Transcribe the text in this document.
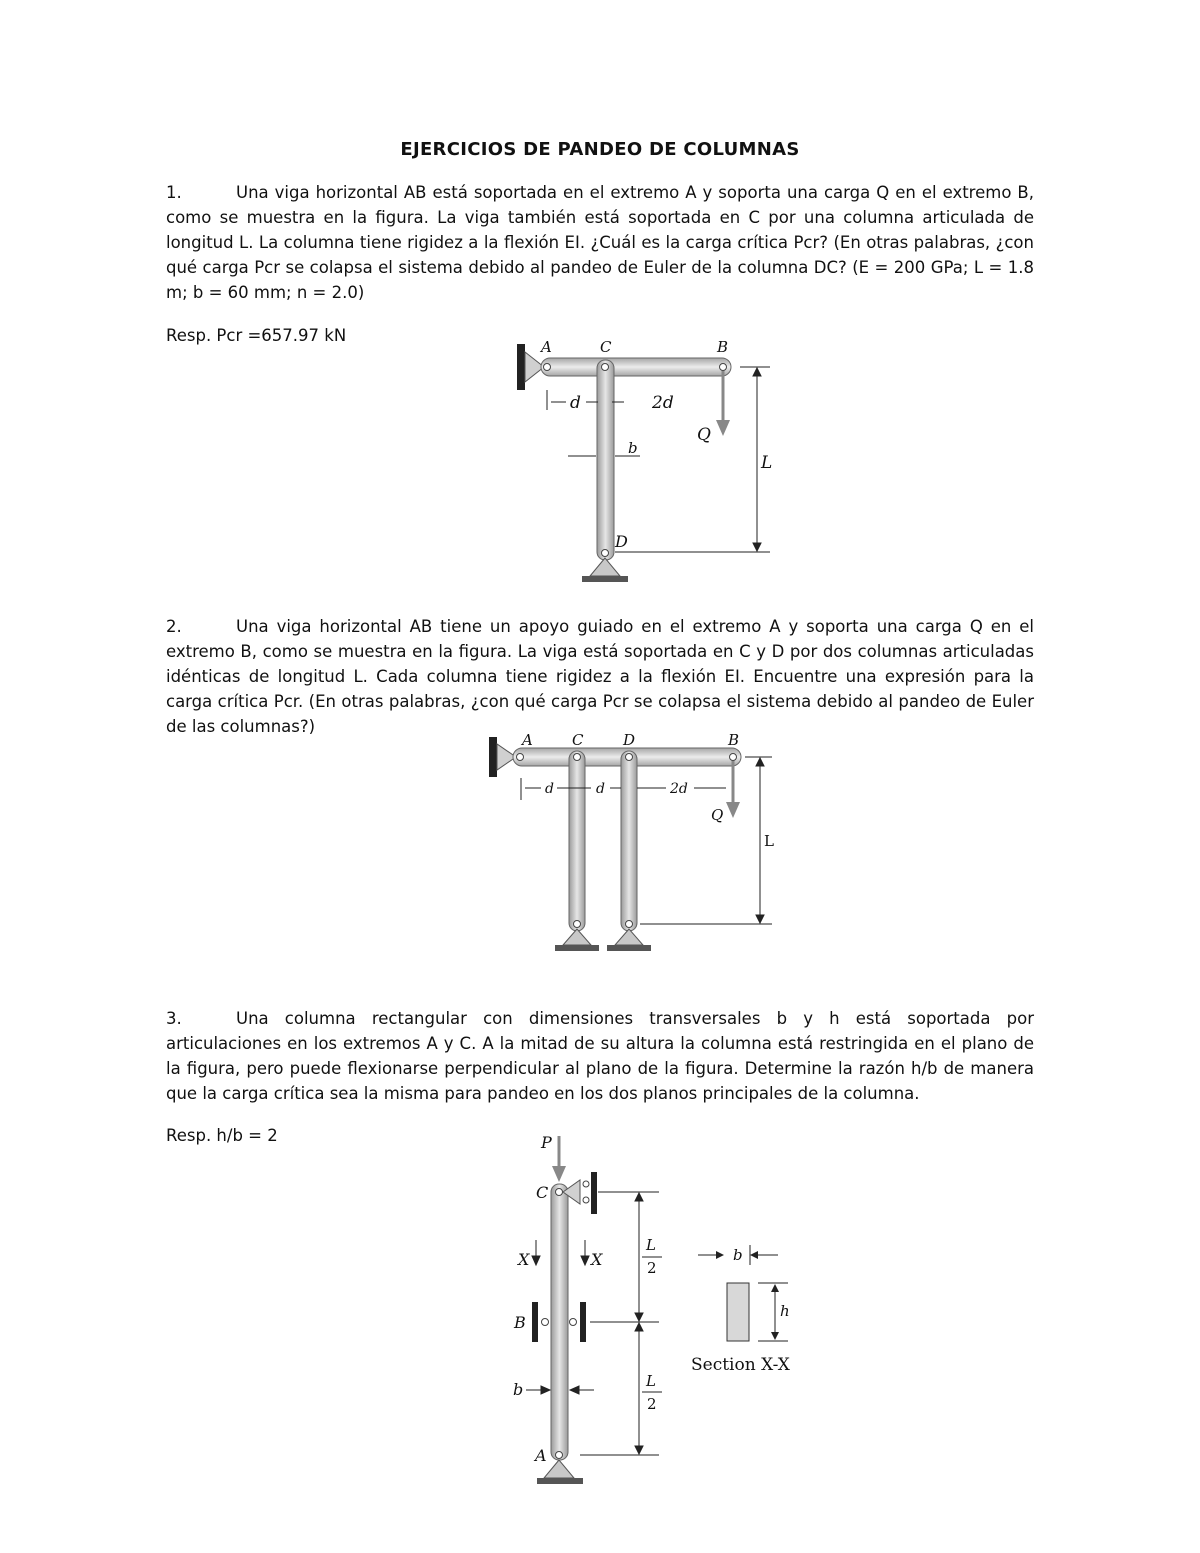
EJERCICIOS DE PANDEO DE COLUMNAS
1.	Una viga horizontal AB está soportada en el extremo A y soporta una carga Q en el extremo B, como se muestra en la figura. La viga también está soportada en C por una columna articulada de longitud L. La columna tiene rigidez a la flexión EI. ¿Cuál es la carga crítica Pcr? (En otras palabras, ¿con qué carga Pcr se colapsa el sistema debido al pandeo de Euler de la columna DC? (E = 200 GPa; L = 1.8 m; b = 60 mm; n = 2.0)
Resp. Pcr =657.97 kN
A	C	B
D
d	2d
Q
b
L
2.	Una viga horizontal AB tiene un apoyo guiado en el extremo A y soporta una carga Q en el extremo B, como se muestra en la figura. La viga está soportada en C y D por dos columnas articuladas idénticas de longitud L. Cada columna tiene rigidez a la flexión EI. Encuentre una expresión para la carga crítica Pcr. (En otras palabras, ¿con qué carga Pcr se colapsa el sistema debido al pandeo de Euler de las columnas?)
A	C	D	B
d	d	2d
Q
L
3.	Una columna rectangular con dimensiones transversales b y h está soportada por articulaciones en los extremos A y C. A la mitad de su altura la columna está restringida en el plano de la figura, pero puede flexionarse perpendicular al plano de la figura. Determine la razón h/b de manera que la carga crítica sea la misma para pandeo en los dos planos principales de la columna.
Resp. h/b = 2	P
C
X	X
B
b
A
L
2
L
2
b
h
Section X-X
